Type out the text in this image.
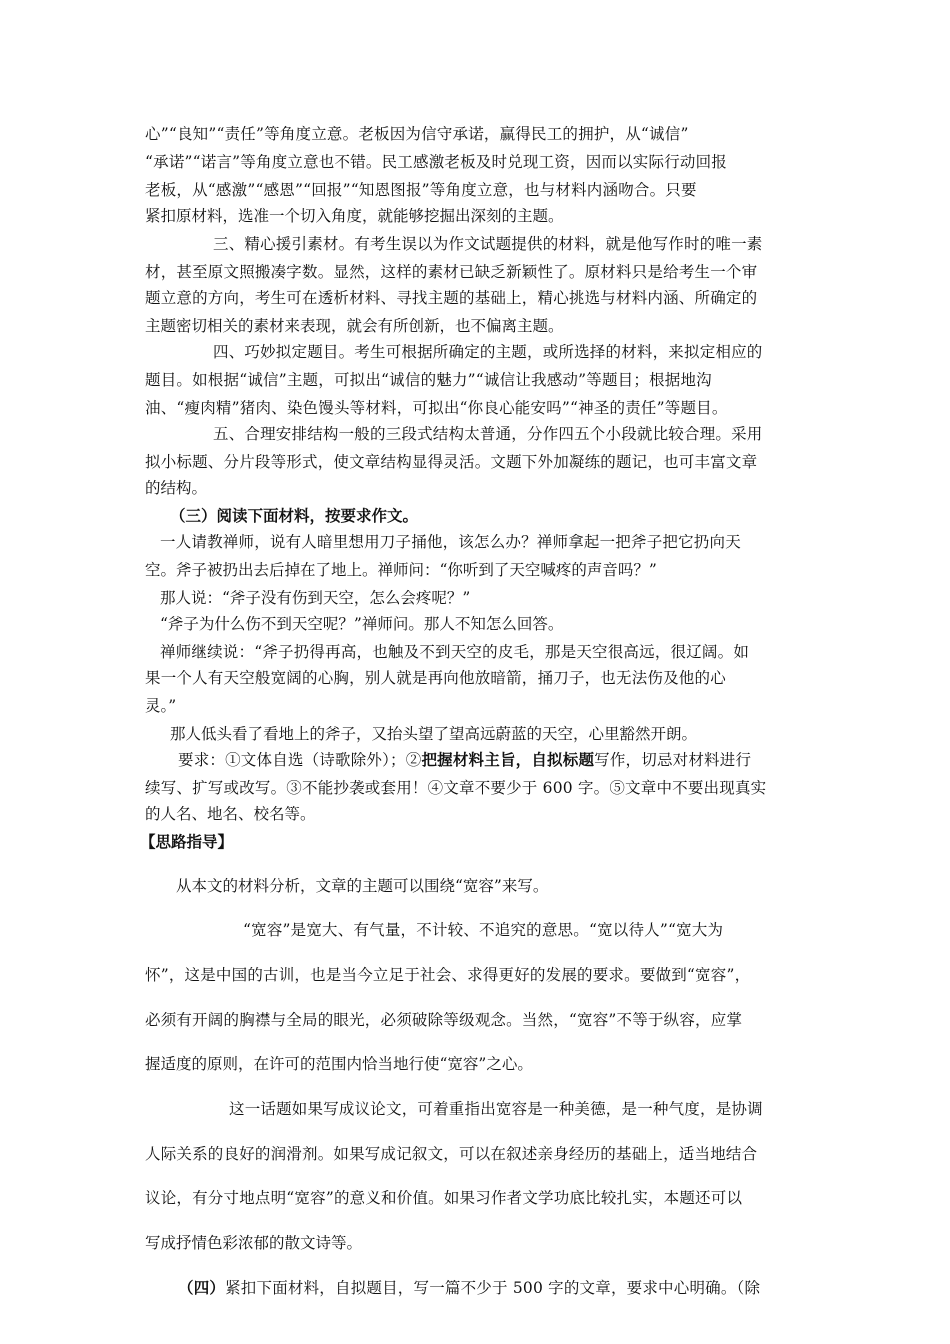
心”“良知”“责任”等角度立意。老板因为信守承诺，赢得民工的拥护，从“诚信”
“承诺”“诺言”等角度立意也不错。民工感激老板及时兑现工资，因而以实际行动回报
老板，从“感激”“感恩”“回报”“知恩图报”等角度立意，也与材料内涵吻合。只要
紧扣原材料，选准一个切入角度，就能够挖掘出深刻的主题。
三、精心援引素材。有考生误以为作文试题提供的材料，就是他写作时的唯一素
材，甚至原文照搬凑字数。显然，这样的素材已缺乏新颖性了。原材料只是给考生一个审
题立意的方向，考生可在透析材料、寻找主题的基础上，精心挑选与材料内涵、所确定的
主题密切相关的素材来表现，就会有所创新，也不偏离主题。
四、巧妙拟定题目。考生可根据所确定的主题，或所选择的材料，来拟定相应的
题目。如根据“诚信”主题，可拟出“诚信的魅力”“诚信让我感动”等题目；根据地沟
油、“瘦肉精”猪肉、染色馒头等材料，可拟出“你良心能安吗”“神圣的责任”等题目。
五、合理安排结构一般的三段式结构太普通，分作四五个小段就比较合理。采用
拟小标题、分片段等形式，使文章结构显得灵活。文题下外加凝练的题记，也可丰富文章
的结构。
（三）阅读下面材料，按要求作文。
一人请教禅师，说有人暗里想用刀子捅他，该怎么办？禅师拿起一把斧子把它扔向天
空。斧子被扔出去后掉在了地上。禅师问：“你听到了天空喊疼的声音吗？”
那人说：“斧子没有伤到天空，怎么会疼呢？”
“斧子为什么伤不到天空呢？”禅师问。那人不知怎么回答。
禅师继续说：“斧子扔得再高，也触及不到天空的皮毛，那是天空很高远，很辽阔。如
果一个人有天空般宽阔的心胸，别人就是再向他放暗箭，捅刀子，也无法伤及他的心
灵。”
那人低头看了看地上的斧子，又抬头望了望高远蔚蓝的天空，心里豁然开朗。
要求：①文体自选（诗歌除外）；②把握材料主旨，自拟标题写作，切忌对材料进行
续写、扩写或改写。③不能抄袭或套用！④文章不要少于 600 字。⑤文章中不要出现真实
的人名、地名、校名等。
【思路指导】
从本文的材料分析，文章的主题可以围绕“宽容”来写。
“宽容”是宽大、有气量，不计较、不追究的意思。“宽以待人”“宽大为
怀”，这是中国的古训，也是当今立足于社会、求得更好的发展的要求。要做到“宽容”，
必须有开阔的胸襟与全局的眼光，必须破除等级观念。当然，“宽容”不等于纵容，应掌
握适度的原则，在许可的范围内恰当地行使“宽容”之心。
这一话题如果写成议论文，可着重指出宽容是一种美德，是一种气度，是协调
人际关系的良好的润滑剂。如果写成记叙文，可以在叙述亲身经历的基础上，适当地结合
议论，有分寸地点明“宽容”的意义和价值。如果习作者文学功底比较扎实，本题还可以
写成抒情色彩浓郁的散文诗等。
（四）紧扣下面材料，自拟题目，写一篇不少于 500 字的文章，要求中心明确。（除
